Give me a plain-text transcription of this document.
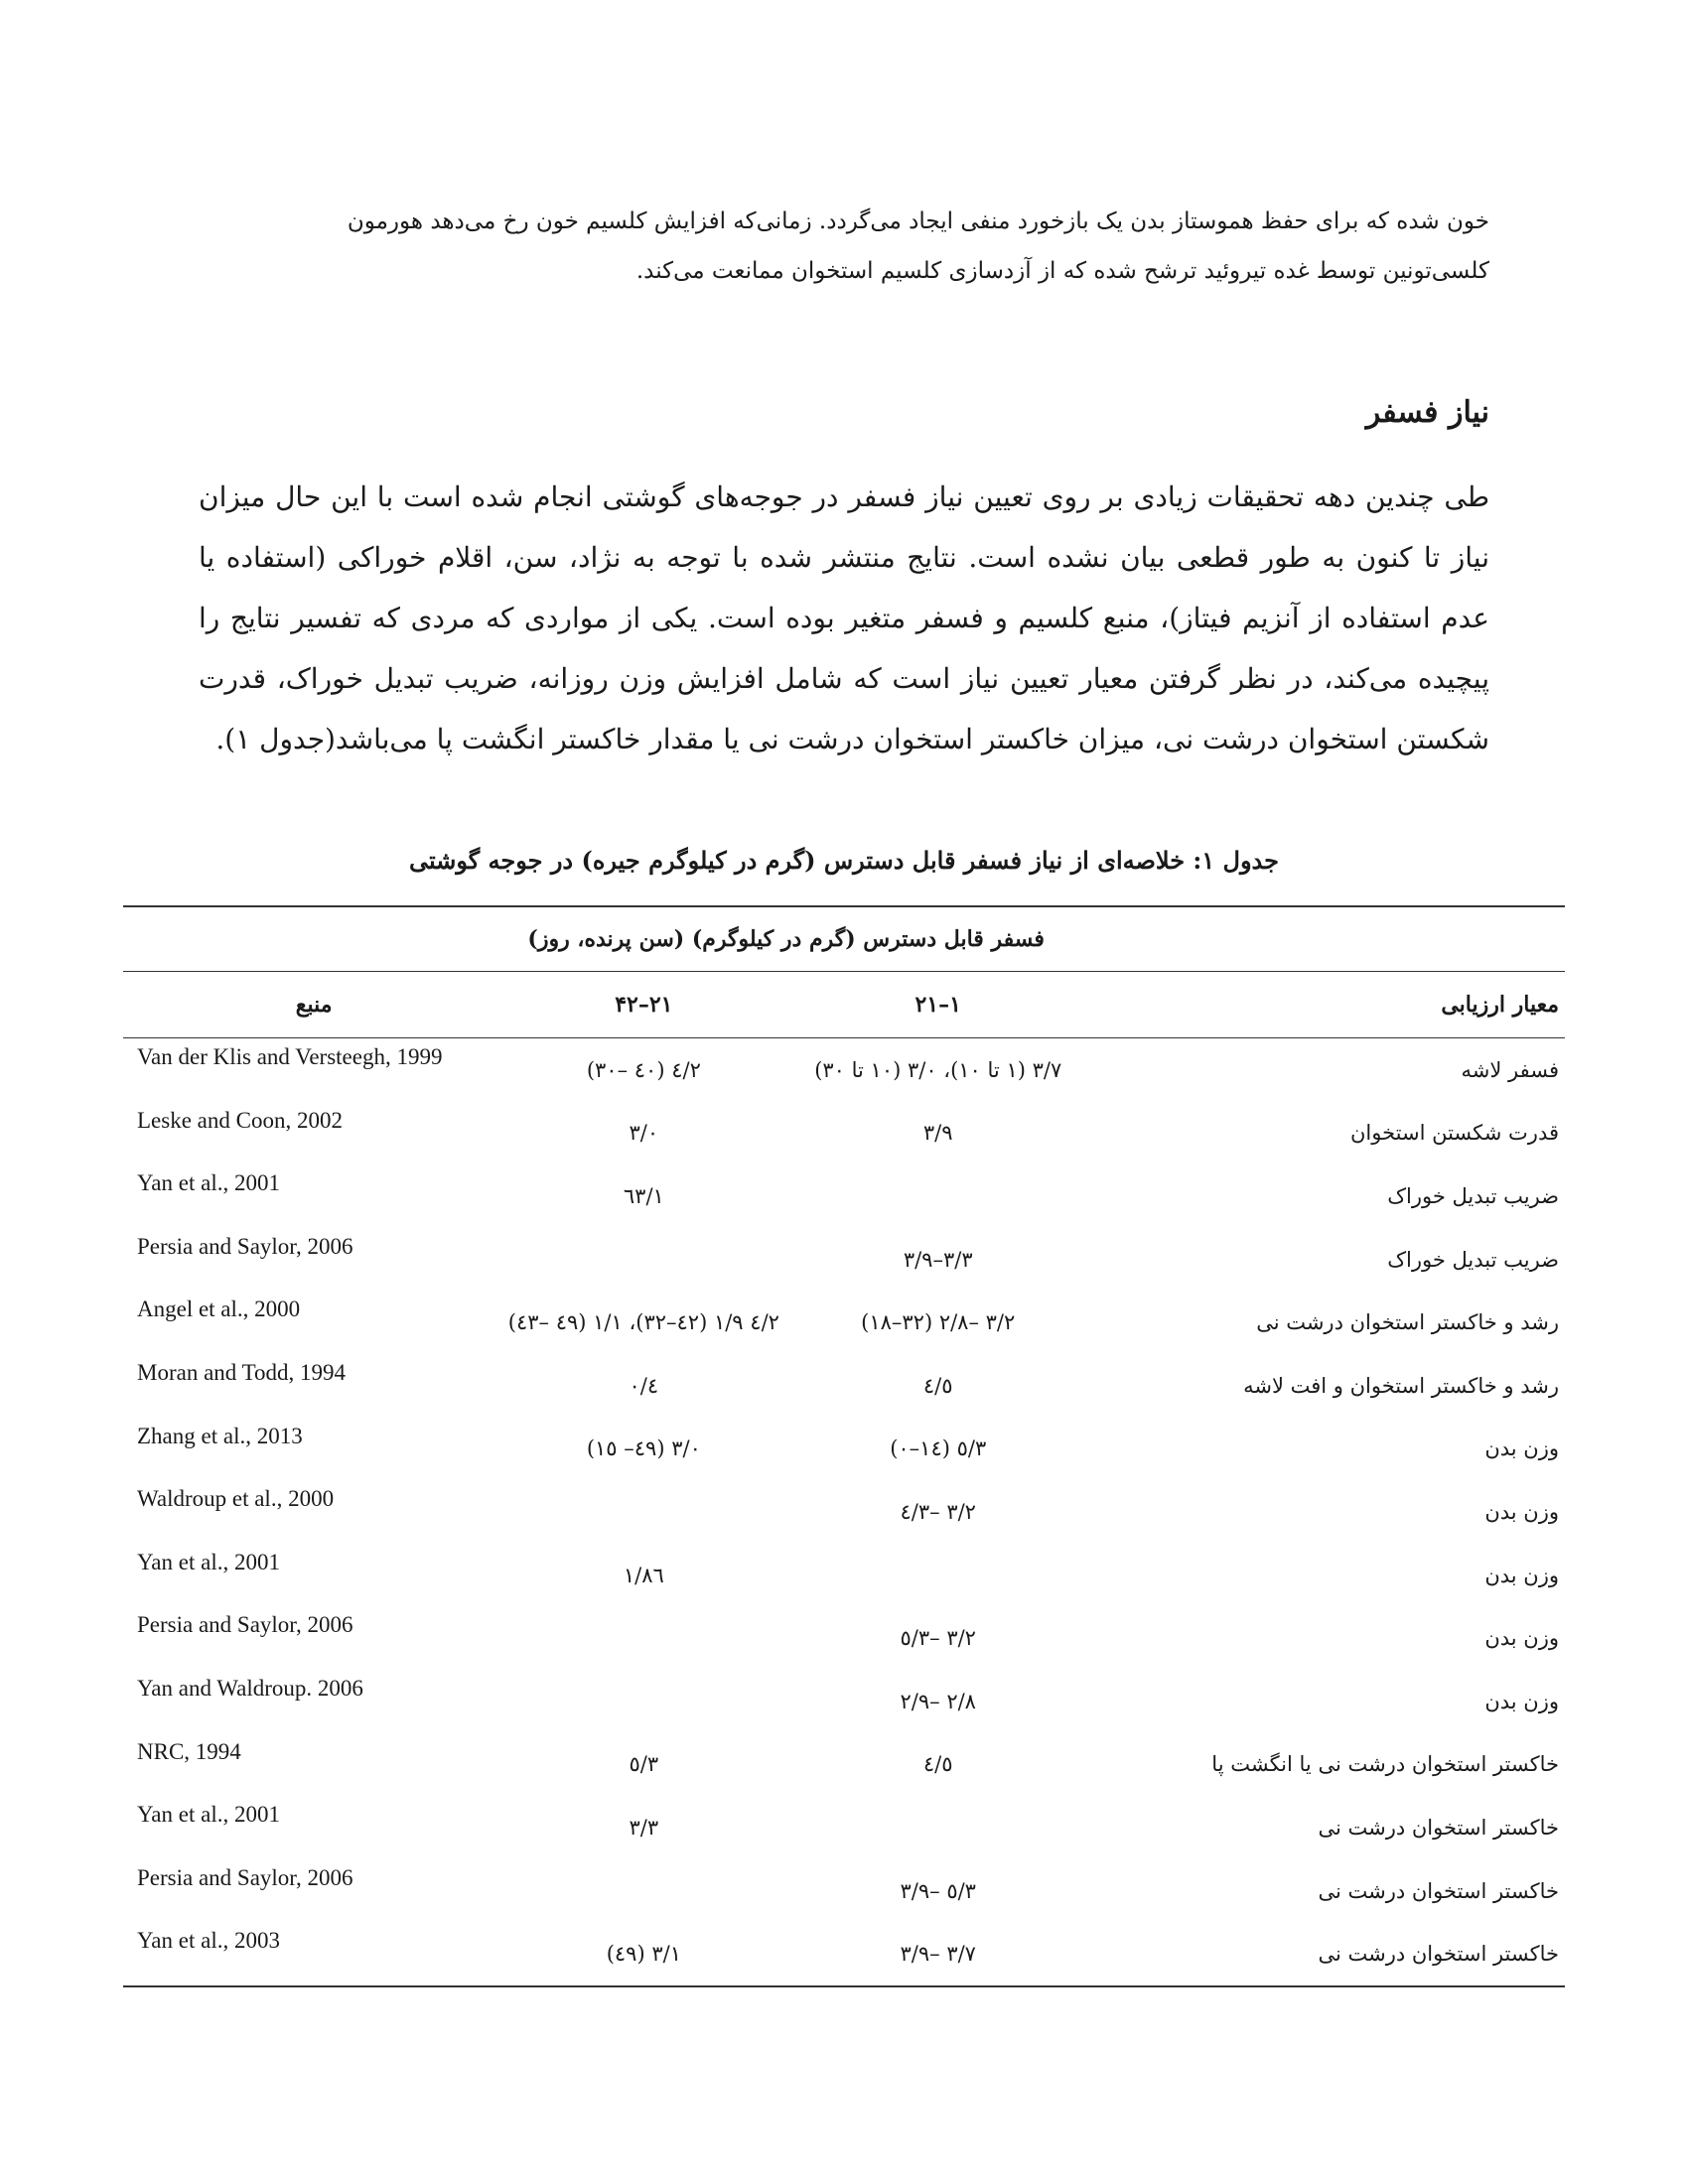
خون شده که برای حفظ هموستاز بدن یک بازخورد منفی ایجاد می‌گردد. زمانی‌که افزایش کلسیم خون رخ می‌دهد هورمون
کلسی‌تونین توسط غده تیروئید ترشح شده که از آزدسازی کلسیم استخوان ممانعت می‌کند.
نیاز فسفر

طی چندین دهه تحقیقات زیادی بر روی تعیین نیاز فسفر در جوجه‌های گوشتی انجام شده است با این حال میزان نیاز تا کنون به طور قطعی بیان نشده است. نتایج منتشر شده با توجه به نژاد، سن، اقلام خوراکی (استفاده یا عدم استفاده از آنزیم فیتاز)، منبع کلسیم و فسفر متغیر بوده است. یکی از مواردی که مردی که تفسیر نتایج را پیچیده می‌کند، در نظر گرفتن معیار تعیین نیاز است که شامل افزایش وزن روزانه، ضریب تبدیل خوراک، قدرت شکستن استخوان درشت نی، میزان خاکستر استخوان درشت نی یا مقدار خاکستر انگشت پا می‌باشد(جدول ۱).

جدول ۱: خلاصه‌ای از نیاز فسفر قابل دسترس (گرم در کیلوگرم جیره) در جوجه گوشتی
	فسفر قابل دسترس (گرم در کیلوگرم) (سن پرنده، روز)		
معیار ارزیابی	۱–۲۱	۲۱–۴۲	منبع
فسفر لاشه	۳/۷ (۱ تا ۱۰)، ۳/۰ (۱۰ تا ۳۰)	۲/٤ (٤۰ –۳۰)	Van der Klis and Versteegh, 1999
قدرت شکستن استخوان	۳/۹	۳/۰	Leske and Coon, 2002
ضریب تبدیل خوراک		۱/٦۳	Yan et al., 2001
ضریب تبدیل خوراک	۳/۳–۳/۹		Persia and Saylor, 2006
رشد و خاکستر استخوان درشت نی	۳/۲ –۲/۸ (۳۲–۱۸)	۲/٤ ۱/۹ (٤۲–۳۲)، ۱/۱ (٤۹ –٤۳)	Angel et al., 2000
رشد و خاکستر استخوان و افت لاشه	٤/٥	٤/۰	Moran and Todd, 1994
وزن بدن	۳/٥ (۱٤–۰)	۳/۰ (٤۹– ۱٥)	Zhang et al., 2013
وزن بدن	۳/۲ –۳/٤		Waldroup et al., 2000
وزن بدن		۱/۸٦	Yan et al., 2001
وزن بدن	۳/۲ –۳/٥		Persia and Saylor, 2006
وزن بدن	۲/۸ –۲/۹		Yan and Waldroup. 2006
خاکستر استخوان درشت نی یا انگشت پا	٤/٥	۳/٥	NRC, 1994
خاکستر استخوان درشت نی		۳/۳	Yan et al., 2001
خاکستر استخوان درشت نی	۳/٥ –۳/۹		Persia and Saylor, 2006
خاکستر استخوان درشت نی	۳/۷ –۳/۹	۳/۱ (٤۹)	Yan et al., 2003
